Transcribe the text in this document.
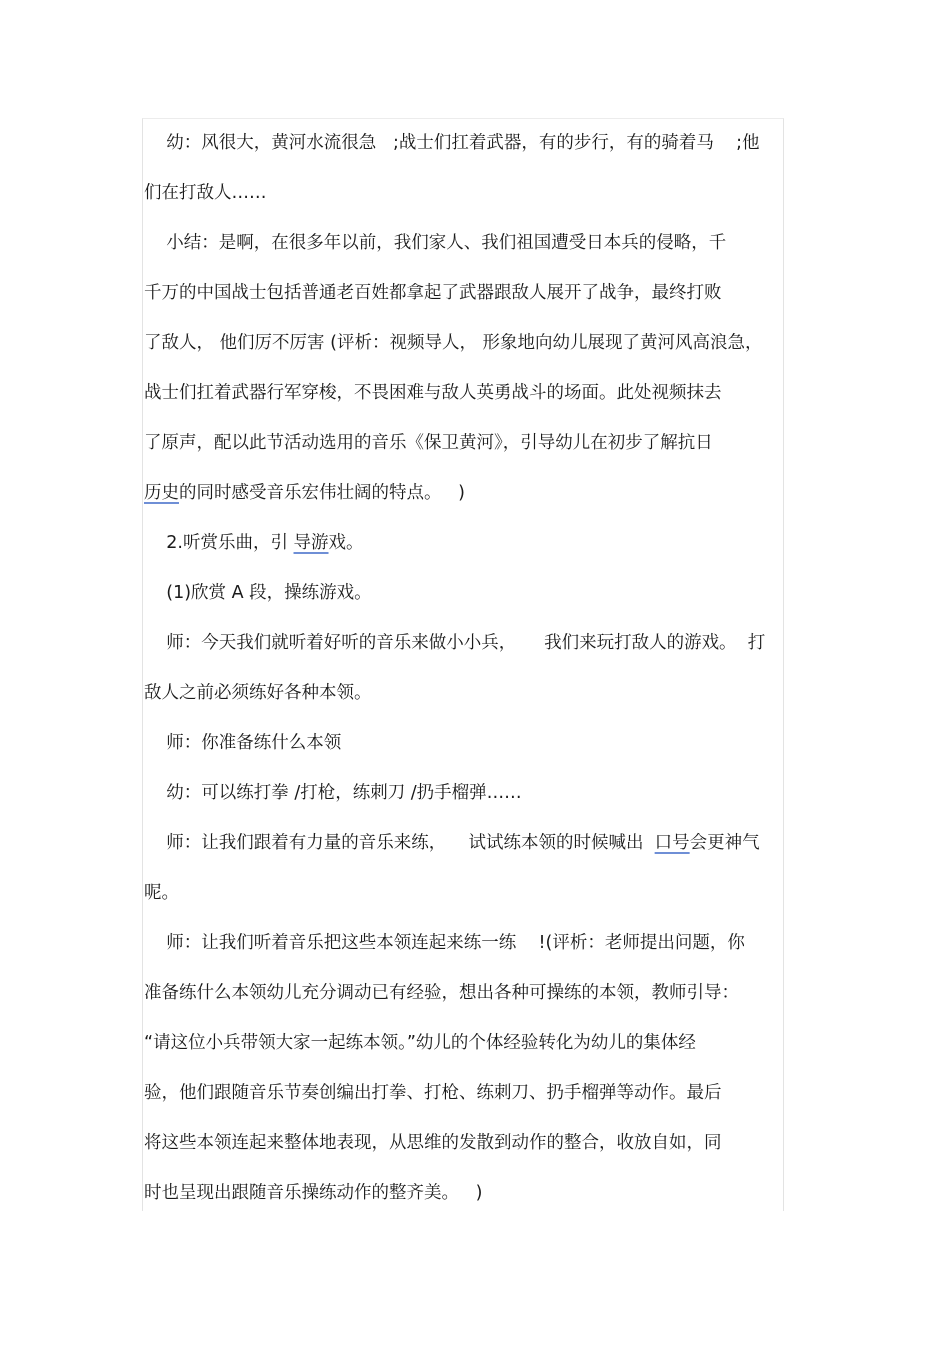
幼：风很大，黄河水流很急   ;战士们扛着武器，有的步行，有的骑着马    ;他
们在打敌人……
小结：是啊，在很多年以前，我们家人、我们祖国遭受日本兵的侵略，千
千万的中国战士包括普通老百姓都拿起了武器跟敌人展开了战争，最终打败
了敌人， 他们厉不厉害 (评析：视频导人， 形象地向幼儿展现了黄河风高浪急，
战士们扛着武器行军穿梭，不畏困难与敌人英勇战斗的场面。此处视频抹去
了原声，配以此节活动选用的音乐《保卫黄河》，引导幼儿在初步了解抗日
历史的同时感受音乐宏伟壮阔的特点。   )
2.听赏乐曲，引 导游戏。
(1)欣赏 A 段，操练游戏。
师：今天我们就听着好听的音乐来做小小兵，     我们来玩打敌人的游戏。  打
敌人之前必须练好各种本领。
师：你准备练什么本领
幼：可以练打拳 /打枪，练刺刀 /扔手榴弹……
师：让我们跟着有力量的音乐来练，    试试练本领的时候喊出  口号会更神气
呢。
师：让我们听着音乐把这些本领连起来练一练    !(评析：老师提出问题，你
准备练什么本领幼儿充分调动已有经验，想出各种可操练的本领，教师引导：
“请这位小兵带领大家一起练本领。”幼儿的个体经验转化为幼儿的集体经
验，他们跟随音乐节奏创编出打拳、打枪、练刺刀、扔手榴弹等动作。最后
将这些本领连起来整体地表现，从思维的发散到动作的整合，收放自如，同
时也呈现出跟随音乐操练动作的整齐美。   )
